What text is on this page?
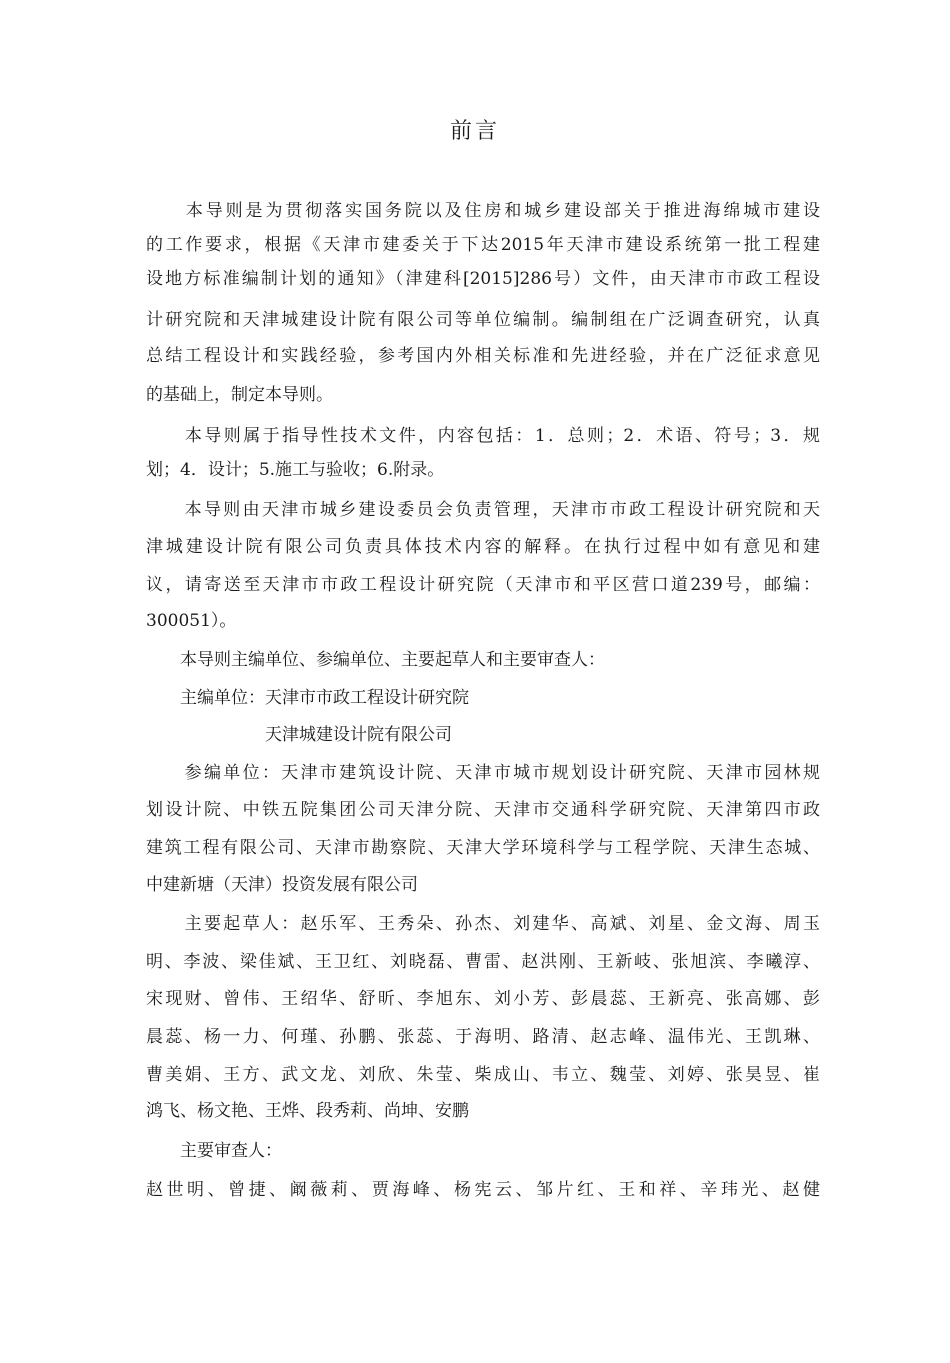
前言
　　本导则是为贯彻落实国务院以及住房和城乡建设部关于推进海绵城市建设
的工作要求，根据《天津市建委关于下达2015年天津市建设系统第一批工程建
设地方标准编制计划的通知》（津建科[2015]286号）文件，由天津市市政工程设
计研究院和天津城建设计院有限公司等单位编制。编制组在广泛调查研究，认真
总结工程设计和实践经验，参考国内外相关标准和先进经验，并在广泛征求意见
的基础上，制定本导则。
　　本导则属于指导性技术文件，内容包括：1．总则；2．术语、符号；3．规
划；4．设计；5.施工与验收；6.附录。
　　本导则由天津市城乡建设委员会负责管理，天津市市政工程设计研究院和天
津城建设计院有限公司负责具体技术内容的解释。在执行过程中如有意见和建
议，请寄送至天津市市政工程设计研究院（天津市和平区营口道239号，邮编：
300051）。
　　本导则主编单位、参编单位、主要起草人和主要审查人：
　　主编单位：天津市市政工程设计研究院
　　　　　　　天津城建设计院有限公司
　　参编单位：天津市建筑设计院、天津市城市规划设计研究院、天津市园林规
划设计院、中铁五院集团公司天津分院、天津市交通科学研究院、天津第四市政
建筑工程有限公司、天津市勘察院、天津大学环境科学与工程学院、天津生态城、
中建新塘（天津）投资发展有限公司
　　主要起草人：赵乐军、王秀朵、孙杰、刘建华、高斌、刘星、金文海、周玉
明、李波、梁佳斌、王卫红、刘晓磊、曹雷、赵洪刚、王新岐、张旭滨、李曦淳、
宋现财、曾伟、王绍华、舒昕、李旭东、刘小芳、彭晨蕊、王新亮、张高娜、彭
晨蕊、杨一力、何瑾、孙鹏、张蕊、于海明、路清、赵志峰、温伟光、王凯琳、
曹美娟、王方、武文龙、刘欣、朱莹、柴成山、韦立、魏莹、刘婷、张昊昱、崔
鸿飞、杨文艳、王烨、段秀莉、尚坤、安鹏
　　主要审查人：
赵世明、曾捷、阚薇莉、贾海峰、杨宪云、邹片红、王和祥、辛玮光、赵健
